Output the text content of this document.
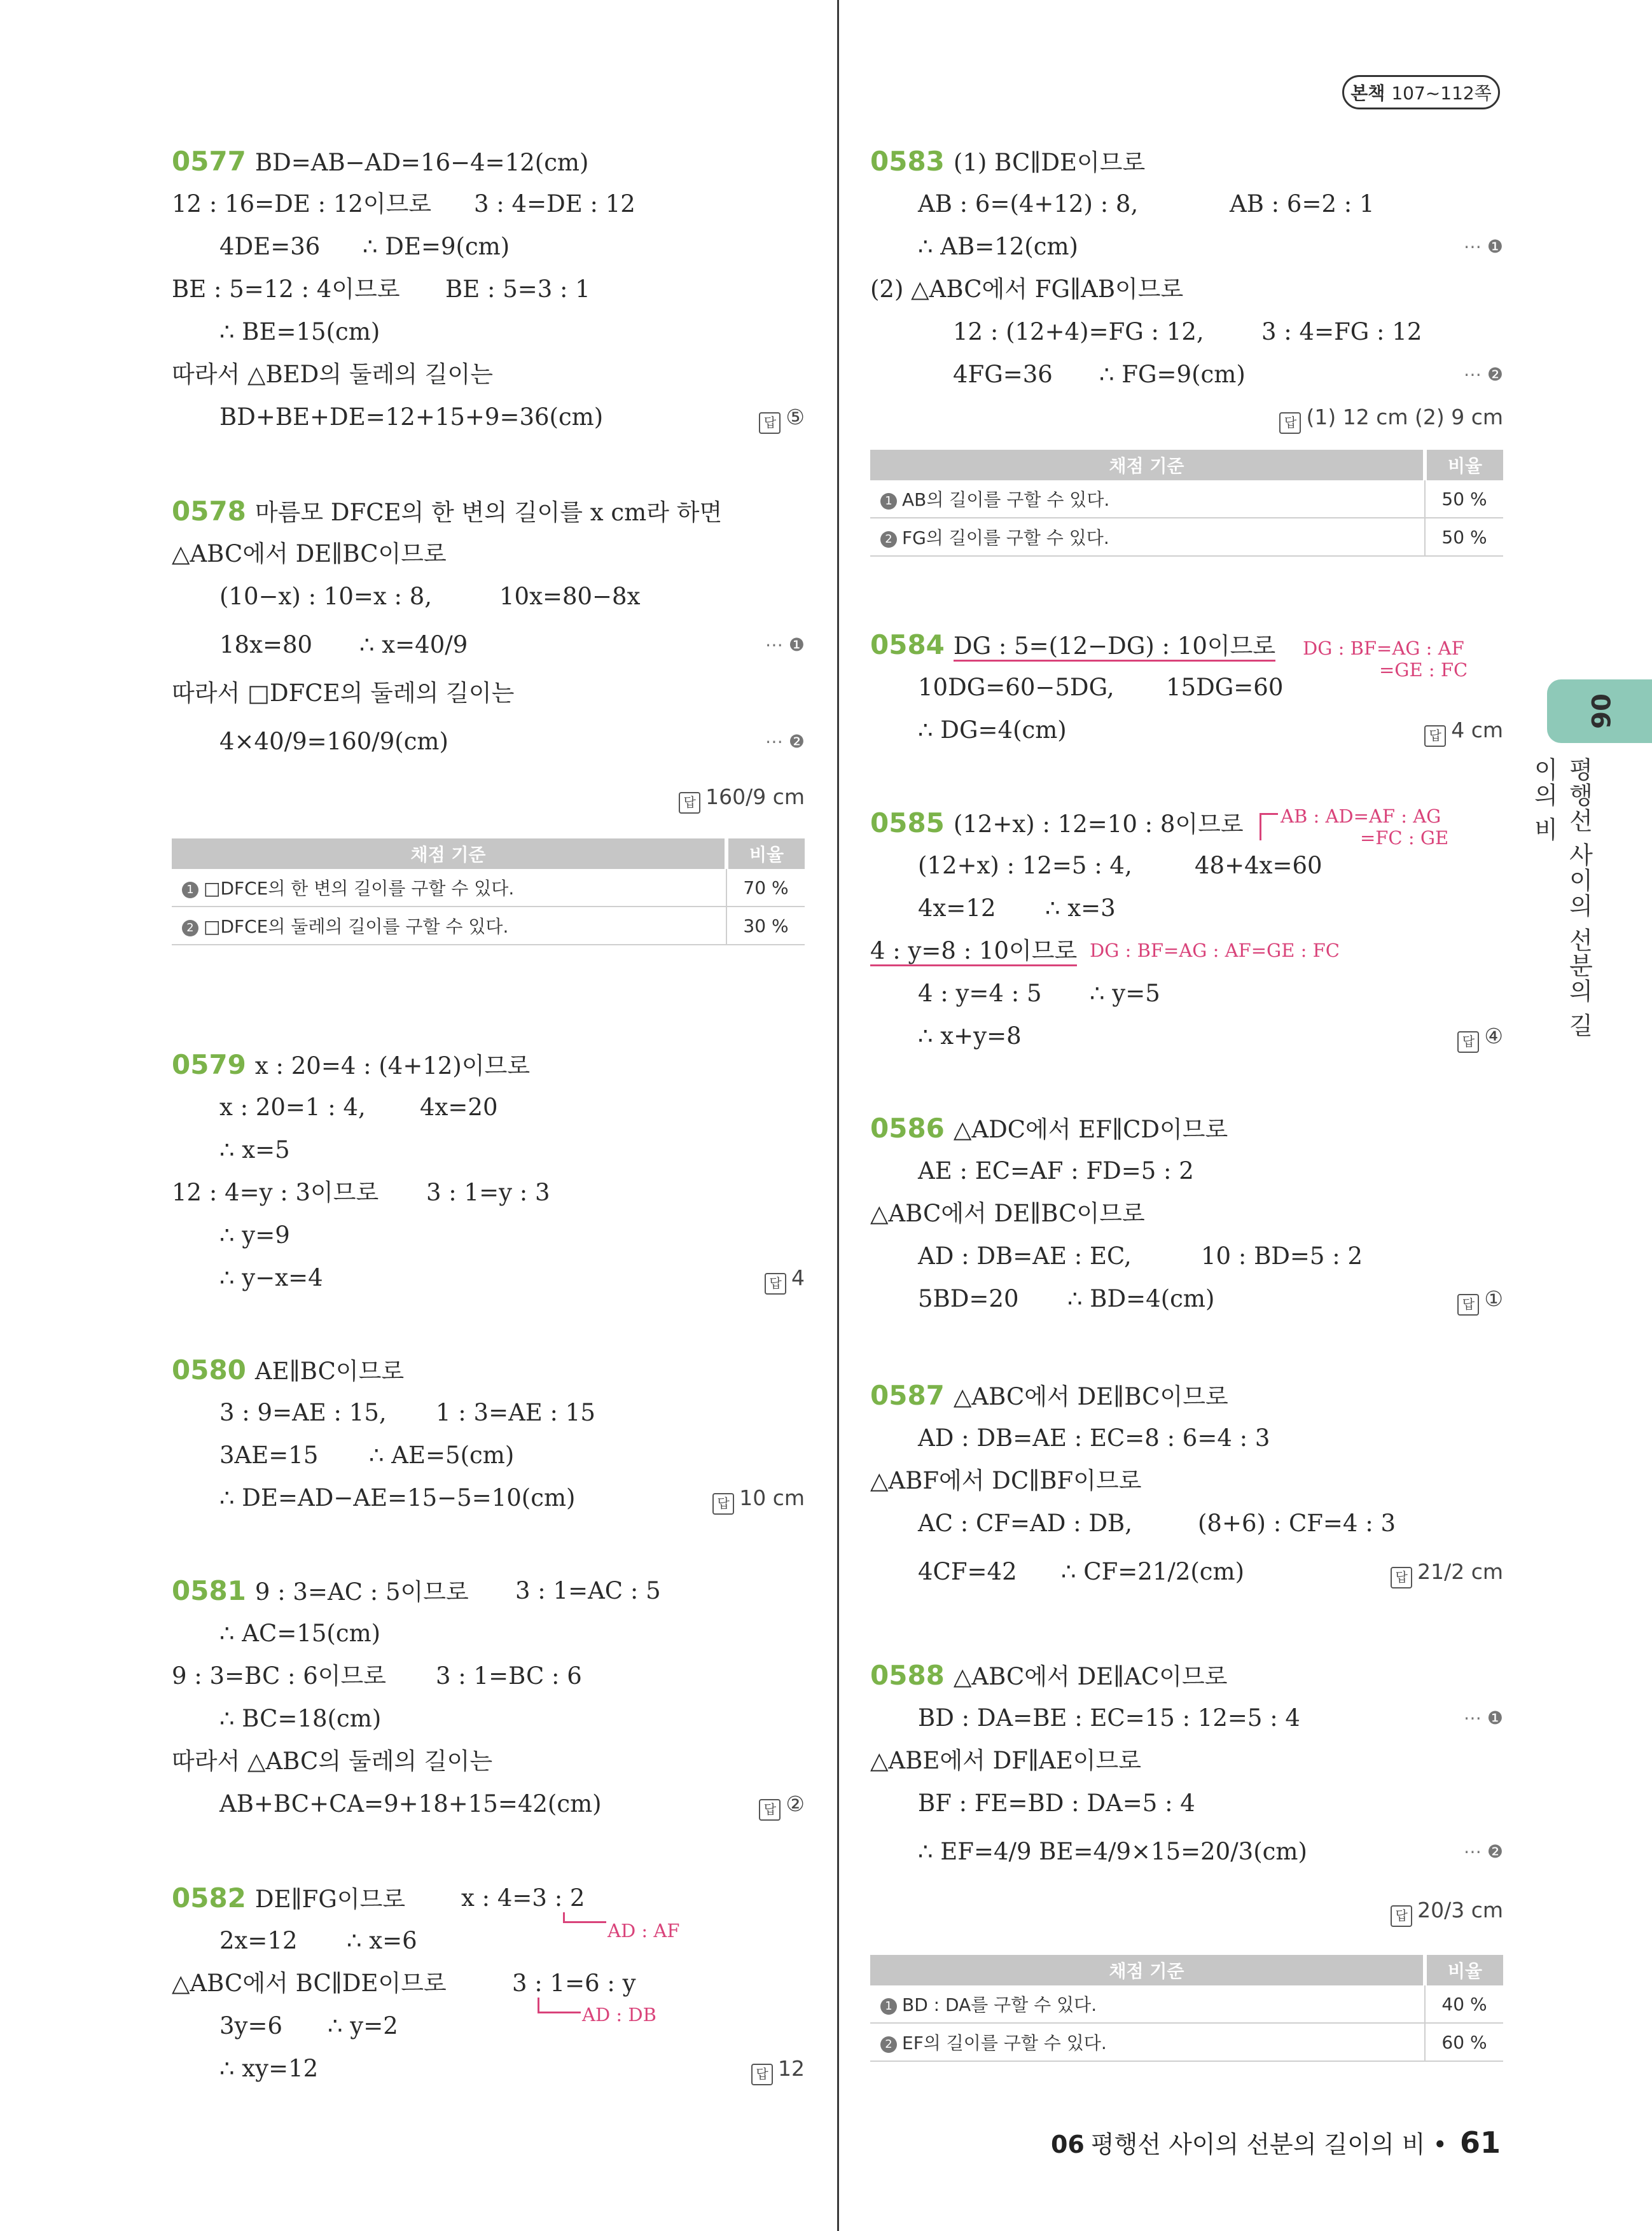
본책 107~112쪽
06
평행선 사이의 선분의 길이의 비
0577 BD=AB−AD=16−4=12(cm)
12 : 16=DE : 12이므로 3 : 4=DE : 12
4DE=36 ∴ DE=9(cm)
BE : 5=12 : 4이므로 BE : 5=3 : 1
∴ BE=15(cm)
따라서 △BED의 둘레의 길이는
BD+BE+DE=12+15+9=36(cm)	답 ⑤
0578 마름모 DFCE의 한 변의 길이를 x cm라 하면
△ABC에서 DE∥BC이므로
(10−x) : 10=x : 8,	10x=80−8x
18x=80 ∴ x=40/9	⋯ ❶
따라서 □DFCE의 둘레의 길이는
4×40/9=160/9(cm)	⋯ ❷
답 160/9 cm
채점 기준	비율
1 □DFCE의 한 변의 길이를 구할 수 있다.	70 %
2 □DFCE의 둘레의 길이를 구할 수 있다.	30 %
0579 x : 20=4 : (4+12)이므로
x : 20=1 : 4, 4x=20
∴ x=5
12 : 4=y : 3이므로 3 : 1=y : 3
∴ y=9
∴ y−x=4	답 4
0580 AE∥BC이므로
3 : 9=AE : 15, 1 : 3=AE : 15
3AE=15 ∴ AE=5(cm)
∴ DE=AD−AE=15−5=10(cm)	답 10 cm
0581 9 : 3=AC : 5이므로 3 : 1=AC : 5
∴ AC=15(cm)
9 : 3=BC : 6이므로 3 : 1=BC : 6
∴ BC=18(cm)
따라서 △ABC의 둘레의 길이는
AB+BC+CA=9+18+15=42(cm)	답 ②
0582 DE∥FG이므로 x : 4=3 : 2
AD : AF
2x=12 ∴ x=6
△ABC에서 BC∥DE이므로	3 : 1=6 : y
AD : DB
3y=6 ∴ y=2
∴ xy=12	답 12
0583 (1) BC∥DE이므로
AB : 6=(4+12) : 8,	AB : 6=2 : 1
∴ AB=12(cm)	⋯ ❶
(2) △ABC에서 FG∥AB이므로
12 : (12+4)=FG : 12, 3 : 4=FG : 12
4FG=36 ∴ FG=9(cm)	⋯ ❷
답 (1) 12 cm (2) 9 cm
채점 기준	비율
1 AB의 길이를 구할 수 있다.	50 %
2 FG의 길이를 구할 수 있다.	50 %
0584 DG : 5=(12−DG) : 10이므로	DG : BF=AG : AF
=GE : FC
10DG=60−5DG, 15DG=60
∴ DG=4(cm)	답 4 cm
0585 (12+x) : 12=10 : 8이므로	AB : AD=AF : AG
=FC : GE
(12+x) : 12=5 : 4,	48+4x=60
4x=12 ∴ x=3
4 : y=8 : 10이므로 DG : BF=AG : AF=GE : FC
4 : y=4 : 5 ∴ y=5
∴ x+y=8	답 ④
0586 △ADC에서 EF∥CD이므로
AE : EC=AF : FD=5 : 2
△ABC에서 DE∥BC이므로
AD : DB=AE : EC,	10 : BD=5 : 2
5BD=20 ∴ BD=4(cm)	답 ①
0587 △ABC에서 DE∥BC이므로
AD : DB=AE : EC=8 : 6=4 : 3
△ABF에서 DC∥BF이므로
AC : CF=AD : DB,	(8+6) : CF=4 : 3
4CF=42 ∴ CF=21/2(cm)	답 21/2 cm
0588 △ABC에서 DE∥AC이므로
BD : DA=BE : EC=15 : 12=5 : 4	⋯ ❶
△ABE에서 DF∥AE이므로
BF : FE=BD : DA=5 : 4
∴ EF=4/9 BE=4/9×15=20/3(cm)	⋯ ❷
답 20/3 cm
채점 기준	비율
1 BD : DA를 구할 수 있다.	40 %
2 EF의 길이를 구할 수 있다.	60 %
06 평행선 사이의 선분의 길이의 비 • 61
